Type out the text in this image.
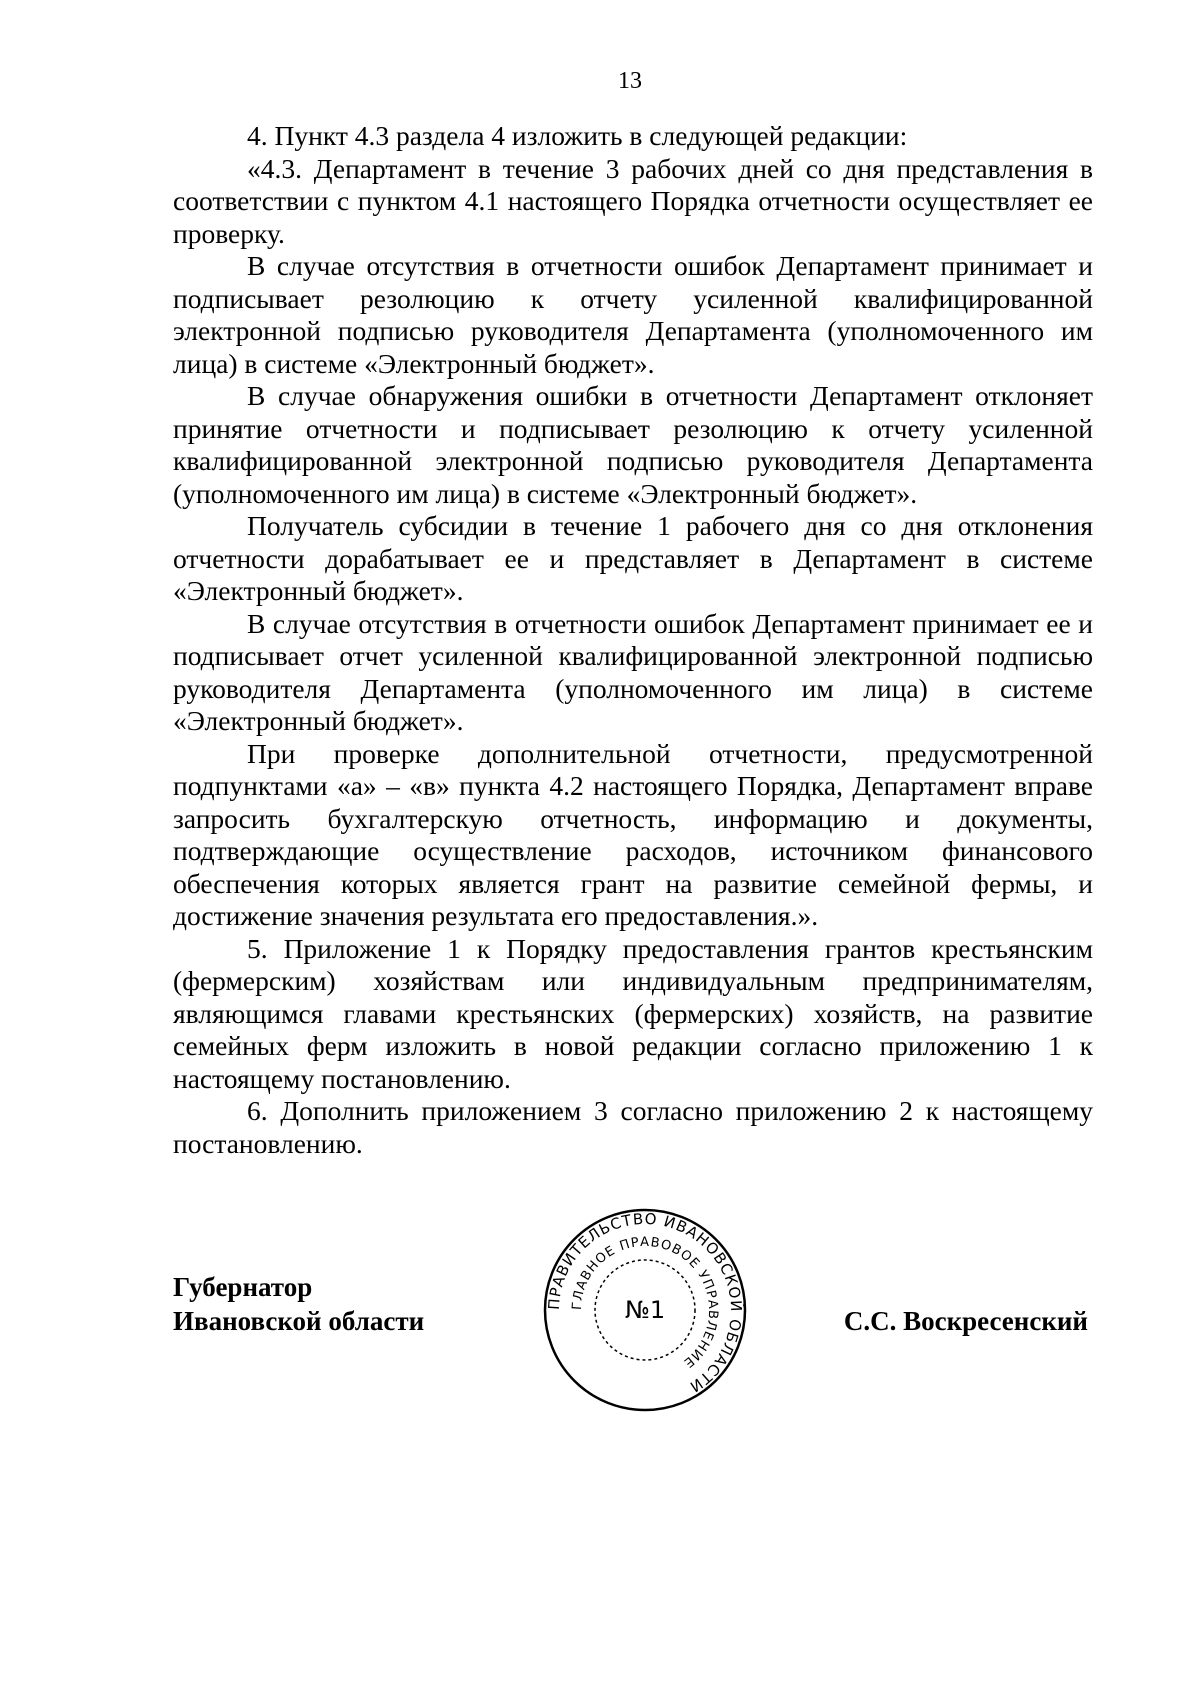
13

4. Пункт 4.3 раздела 4 изложить в следующей редакции:

«4.3. Департамент в течение 3 рабочих дней со дня представления в соответствии с пунктом 4.1 настоящего Порядка отчетности осуществляет ее проверку.

В случае отсутствия в отчетности ошибок Департамент принимает и подписывает резолюцию к отчету усиленной квалифицированной электронной подписью руководителя Департамента (уполномоченного им лица) в системе «Электронный бюджет».

В случае обнаружения ошибки в отчетности Департамент отклоняет принятие отчетности и подписывает резолюцию к отчету усиленной квалифицированной электронной подписью руководителя Департамента (уполномоченного им лица) в системе «Электронный бюджет».

Получатель субсидии в течение 1 рабочего дня со дня отклонения отчетности дорабатывает ее и представляет в Департамент в системе «Электронный бюджет».

В случае отсутствия в отчетности ошибок Департамент принимает ее и подписывает отчет усиленной квалифицированной электронной подписью руководителя Департамента (уполномоченного им лица) в системе «Электронный бюджет».

При проверке дополнительной отчетности, предусмотренной подпунктами «а» – «в» пункта 4.2 настоящего Порядка, Департамент вправе запросить бухгалтерскую отчетность, информацию и документы, подтверждающие осуществление расходов, источником финансового обеспечения которых является грант на развитие семейной фермы, и достижение значения результата его предоставления.».

5. Приложение 1 к Порядку предоставления грантов крестьянским (фермерским) хозяйствам или индивидуальным предпринимателям, являющимся главами крестьянских (фермерских) хозяйств, на развитие семейных ферм изложить в новой редакции согласно приложению 1 к настоящему постановлению.

6. Дополнить приложением 3 согласно приложению 2 к настоящему постановлению.

Губернатор
Ивановской области	С.С. Воскресенский
ПРАВИТЕЛЬСТВО ИВАНОВСКОЙ ОБЛАСТИ
ГЛАВНОЕ ПРАВОВОЕ УПРАВЛЕНИЕ
№1
